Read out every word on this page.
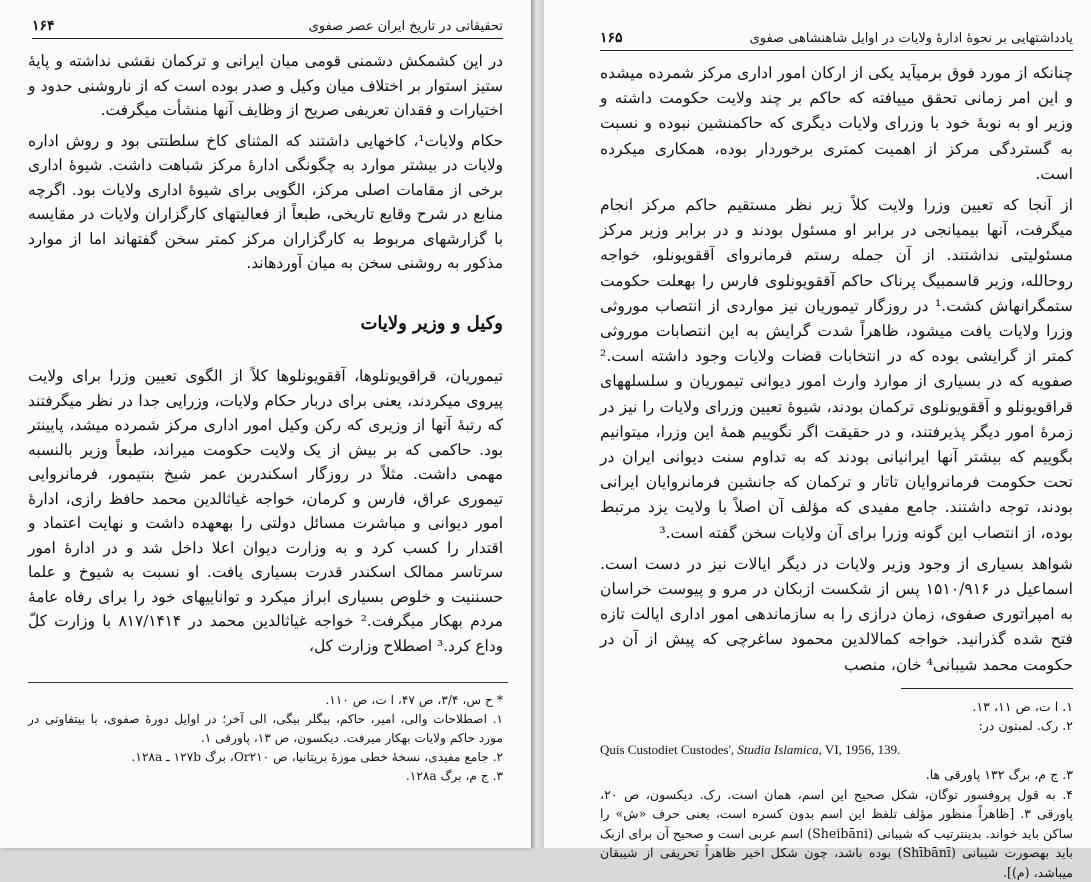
تحقیقاتی در تاریخ ایران عصر صفوی
۱۶۴

در این کشمکش دشمنی قومی میان ایرانی و ترکمان نقشی نداشته و پایهٔ ستیز استوار بر اختلاف میان وکیل و صدر بوده است که از ناروشنی حدود و اختیارات و فقدان تعریفی صریح از وظایف آنها منشأت میگرفت.

حکام ولایات¹، کاخهایی داشتند که المثنای کاخ سلطنتی بود و روش اداره ولایات در بیشتر موارد به چگونگی ادارهٔ مرکز شباهت داشت. شیوهٔ اداری برخی از مقامات اصلی مرکز، الگویی برای شیوهٔ اداری ولایات بود. اگرچه منابع در شرح وقایع تاریخی، طبعاً از فعالیتهای کارگزاران ولایات در مقایسه با گزارشهای مربوط به کارگزاران مرکز کمتر سخن گفتهاند اما از موارد مذکور به روشنی سخن به میان آوردهاند.

وکیل و وزیر ولایات

تیموریان، قراقویونلوها، آققویونلوها کلاً از الگوی تعیین وزرا برای ولایت پیروی میکردند، یعنی برای دربار حکام ولایات، وزرایی جدا در نظر میگرفتند که رتبهٔ آنها از وزیری که رکن وکیل امور اداری مرکز شمرده میشد، پایینتر بود. حاکمی که بر بیش از یک ولایت حکومت میراند، طبعاً وزیر بالنسبه مهمی داشت. مثلاً در روزگار اسکندربن عمر شیخ بنتیمور، فرمانروایی تیموری عراق، فارس و کرمان، خواجه غیاثالدین محمد حافظ رازی، ادارهٔ امور دیوانی و مباشرت مسائل دولتی را بهعهده داشت و نهایت اعتماد و اقتدار را کسب کرد و به وزارت دیوان اعلا داخل شد و در ادارهٔ امور سرتاسر ممالک اسکندر قدرت بسیاری یافت. او نسبت به شیوخ و علما حسننیت و خلوص بسیاری ابراز میکرد و تواناییهای خود را برای رفاه عامهٔ مردم بهکار میگرفت.² خواجه غیاثالدین محمد در ۸۱۷/۱۴۱۴ با وزارت کلّ وداع کرد.³ اصطلاح وزارت کل،

* ح س، ۳/۴، ص ۴۷، ا ت، ص ۱۱۰.

۱. اصطلاحات والی، امیر، حاکم، بیگلر بیگی، الی آخر؛ در اوایل دورهٔ صفوی، با بیتفاوتی در مورد حاکم ولایات بهکار میرفت. دیکسون، ص ۱۳، پاورقی ۱.

۲. جامع مفیدی، نسخهٔ خطی موزهٔ بریتانیا، ص Or۲۱۰، برگ ۱۲۷b ـ ۱۲۸a.

۳. ج م، برگ ۱۲۸a.

یادداشتهایی بر نحوهٔ ادارهٔ ولایات در اوایل شاهنشاهی صفوی
۱۶۵

چنانکه از مورد فوق برمیآید یکی از ارکان امور اداری مرکز شمرده میشده و این امر زمانی تحقق مییافته که حاکم بر چند ولایت حکومت داشته و وزیر او به نوبهٔ خود با وزرای ولایات دیگری که حاکمنشین نبوده و نسبت به گستردگی مرکز از اهمیت کمتری برخوردار بوده، همکاری میکرده است.

از آنجا که تعیین وزرا ولایت کلاً زیر نظر مستقیم حاکم مرکز انجام میگرفت، آنها بیمیانجی در برابر او مسئول بودند و در برابر وزیر مرکز مسئولیتی نداشتند. از آن جمله رستم فرمانروای آققویونلو، خواجه روحالله، وزیر قاسمبیگ پرناک حاکم آققویونلوی فارس را بهعلت حکومت ستمگرانهاش کشت.¹ در روزگار تیموریان نیز مواردی از انتصاب موروثی وزرا ولایات یافت میشود، ظاهراً شدت گرایش به این انتصابات موروثی کمتر از گرایشی بوده که در انتخابات قضات ولایات وجود داشته است.² صفویه که در بسیاری از موارد وارث امور دیوانی تیموریان و سلسلههای قراقویونلو و آققویونلوی ترکمان بودند، شیوهٔ تعیین وزرای ولایات را نیز در زمرهٔ امور دیگر پذیرفتند، و در حقیقت اگر نگوییم همهٔ این وزرا، میتوانیم بگوییم که بیشتر آنها ایرانیانی بودند که به تداوم سنت دیوانی ایران در تحت حکومت فرمانروایان تاتار و ترکمان که جانشین فرمانروایان ایرانی بودند، توجه داشتند. جامع مفیدی که مؤلف آن اصلاً با ولایت یزد مرتبط بوده، از انتصاب این گونه وزرا برای آن ولایات سخن گفته است.³

شواهد بسیاری از وجود وزیر ولایات در دیگر ایالات نیز در دست است. اسماعیل در ۱۵۱۰/۹۱۶ پس از شکست ازبکان در مرو و پیوست خراسان به امپراتوری صفوی، زمان درازی را به سازماندهی امور اداری ایالت تازه فتح شده گذرانید. خواجه کمالالدین محمود ساغرچی که پیش از آن در حکومت محمد شیبانی⁴ خان، منصب

۱. ا ت، ص ۱۱، ۱۳.

۲. رک. لمبتون در:

Quis Custodiet Custodes', Studia Islamica, VI, 1956, 139.

۳. ج م، برگ ۱۳۲ پاورقی ها.

۴. به قول پروفسور توگان، شکل صحیح این اسم، همان است. رک. دیکسون، ص ۲۰، پاورقی ۳. [ظاهراً منظور مؤلف تلفظ این اسم بدون کسره است، یعنی حرف «ش» را ساکن باید خواند. بدینترتیب که شیبانی (Sheibāni) اسم عربی است و صحیح آن برای ازبک باید بهصورت شیبانی (Shībānī) بوده باشد، چون شکل اخیر ظاهراً تحریفی از شیبقان میباشد، (م)].
